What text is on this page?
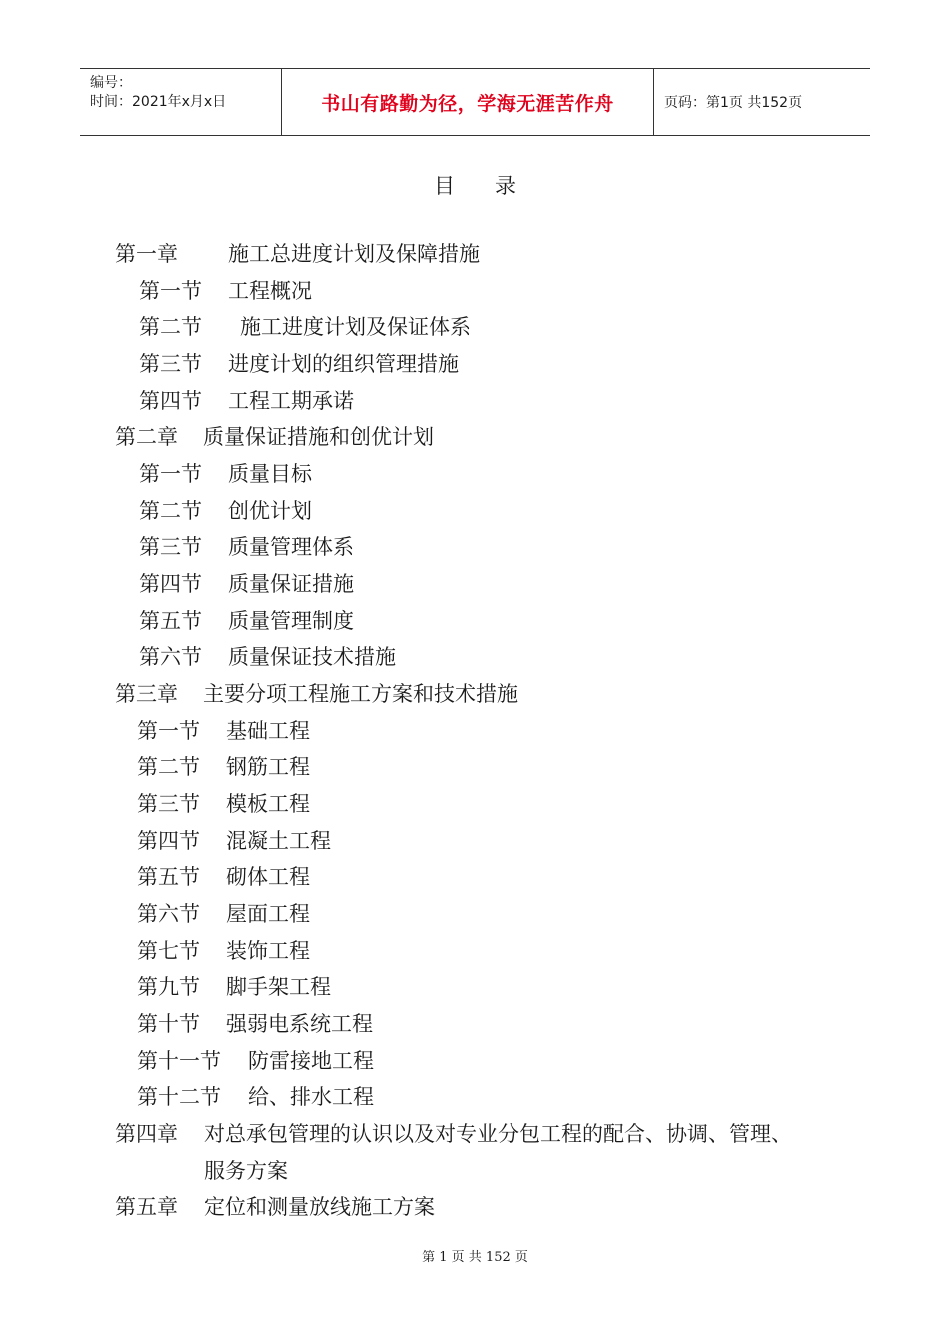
编号：
时间：2021年x月x日	书山有路勤为径，学海无涯苦作舟	页码：第1页 共152页
目录
第一章 施工总进度计划及保障措施
第一节 工程概况
第二节 施工进度计划及保证体系
第三节 进度计划的组织管理措施
第四节 工程工期承诺
第二章 质量保证措施和创优计划
第一节 质量目标
第二节 创优计划
第三节 质量管理体系
第四节 质量保证措施
第五节 质量管理制度
第六节 质量保证技术措施
第三章 主要分项工程施工方案和技术措施
第一节 基础工程
第二节 钢筋工程
第三节 模板工程
第四节 混凝土工程
第五节 砌体工程
第六节 屋面工程
第七节 装饰工程
第九节 脚手架工程
第十节 强弱电系统工程
第十一节 防雷接地工程
第十二节 给、排水工程
第四章 对总承包管理的认识以及对专业分包工程的配合、协调、管理、
服务方案
第五章 定位和测量放线施工方案
第 1 页 共 152 页
